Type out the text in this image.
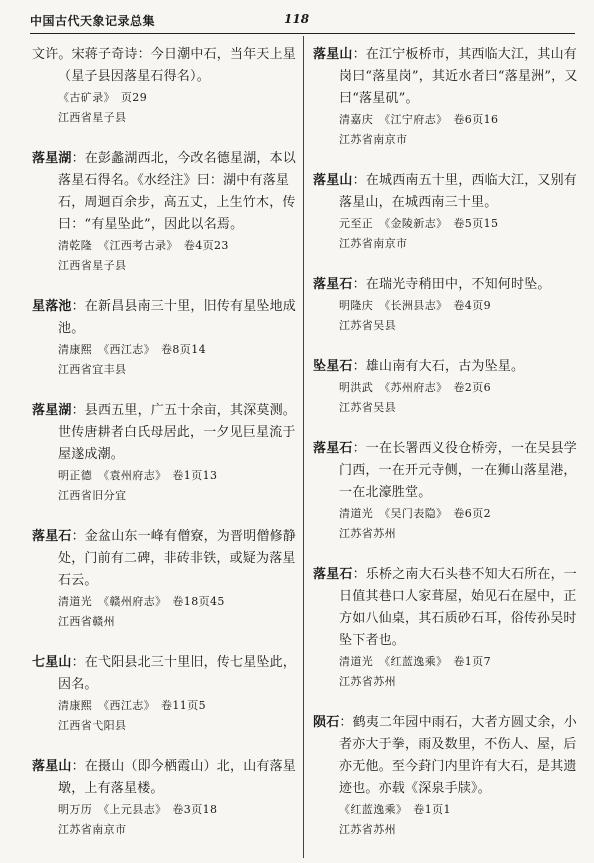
中国古代天象记录总集	118
文许。宋蒋子奇诗：今日潮中石，当年天上星（星子县因落星石得名）。
《古矿录》　页29
江西省星子县
落星湖：在彭蠡湖西北，今改名德星湖，本以落星石得名。《水经注》曰：湖中有落星石，周迴百余步，高五丈，上生竹木，传曰：“有星坠此”，因此以名焉。
清乾隆　《江西考古录》　卷4页23
江西省星子县
星落池：在新昌县南三十里，旧传有星坠地成池。
清康熙　《西江志》　卷8页14
江西省宜丰县
落星湖：县西五里，广五十余亩，其深莫测。世传唐耕者白氏母居此，一夕见巨星流于屋遂成潮。
明正德　《袁州府志》　卷1页13
江西省旧分宜
落星石：金盆山东一峰有僧寮，为晋明僧修静处，门前有二碑，非砖非铁，或疑为落星石云。
清道光　《赣州府志》　卷18页45
江西省赣州
七星山：在弋阳县北三十里旧，传七星坠此，因名。
清康熙　《西江志》　卷11页5
江西省弋阳县
落星山：在摄山（即今栖霞山）北，山有落星墩，上有落星楼。
明万历　《上元县志》　卷3页18
江苏省南京市
落星山：在江宁板桥市，其西临大江，其山有岗曰“落星岗”，其近水者曰“落星洲”，又曰“落星矶”。
清嘉庆　《江宁府志》　卷6页16
江苏省南京市
落星山：在城西南五十里，西临大江，又别有落星山，在城西南三十里。
元至正　《金陵新志》　卷5页15
江苏省南京市
落星石：在瑞光寺稍田中，不知何时坠。
明隆庆　《长洲县志》　卷4页9
江苏省吴县
坠星石：雄山南有大石，古为坠星。
明洪武　《苏州府志》　卷2页6
江苏省吴县
落星石：一在长署西义役仓桥旁，一在吴县学门西，一在开元寺侧，一在狮山落星港，一在北濠胜堂。
清道光　《吴门表隐》　卷6页2
江苏省苏州
落星石：乐桥之南大石头巷不知大石所在，一日值其巷口人家葺屋，始见石在屋中，正方如八仙桌，其石质砂石耳，俗传孙吴时坠下者也。
清道光　《红蓝逸乘》　卷1页7
江苏省苏州
陨石：鹤夷二年园中雨石，大者方圆丈余，小者亦大于拳，雨及数里，不伤人、屋，后亦无他。至今葑门内里许有大石，是其遗迹也。亦载《深泉手牍》。
《红蓝逸乘》　卷1页1
江苏省苏州
